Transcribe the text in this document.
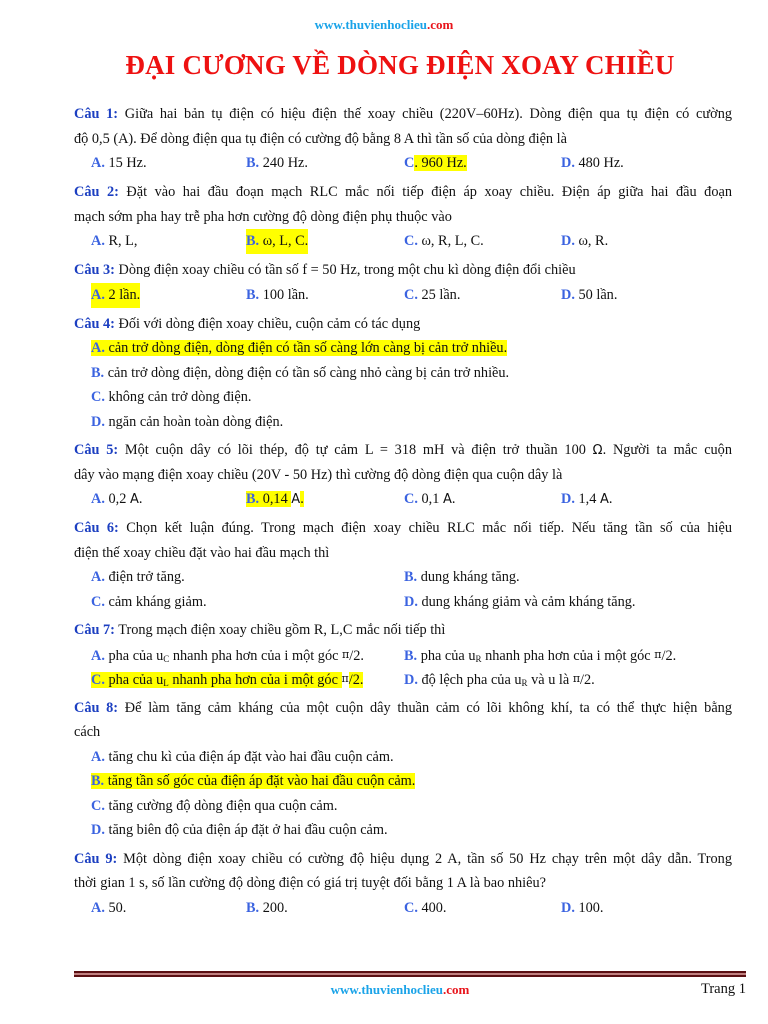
www.thuvienhoclieu.com
ĐẠI CƯƠNG VỀ DÒNG ĐIỆN XOAY CHIỀU
Câu 1: Giữa hai bản tụ điện có hiệu điện thế xoay chiều (220V–60Hz). Dòng điện qua tụ điện có cường
độ 0,5 (A). Để dòng điện qua tụ điện có cường độ bằng 8 A thì tần số của dòng điện là
A. 15 Hz.	B. 240 Hz.	C. 960 Hz.	D. 480 Hz.
Câu 2: Đặt vào hai đầu đoạn mạch RLC mắc nối tiếp điện áp xoay chiều. Điện áp giữa hai đầu đoạn
mạch sớm pha hay trễ pha hơn cường độ dòng điện phụ thuộc vào
A. R, L,	B. ω, L, C.	C. ω, R, L, C.	D. ω, R.
Câu 3: Dòng điện xoay chiều có tần số f = 50 Hz, trong một chu kì dòng điện đổi chiều
A. 2 lần.	B. 100 lần.	C. 25 lần.	D. 50 lần.
Câu 4: Đối với dòng điện xoay chiều, cuộn cảm có tác dụng
A. cản trở dòng điện, dòng điện có tần số càng lớn càng bị cản trở nhiều.
B. cản trở dòng điện, dòng điện có tần số càng nhỏ càng bị cản trở nhiều.
C. không cản trở dòng điện.
D. ngăn cản hoàn toàn dòng điện.
Câu 5: Một cuộn dây có lõi thép, độ tự cảm L = 318 mH và điện trở thuần 100 Ω. Người ta mắc cuộn
dây vào mạng điện xoay chiều (20V - 50 Hz) thì cường độ dòng điện qua cuộn dây là
A. 0,2 A.	B. 0,14 A.	C. 0,1 A.	D. 1,4 A.
Câu 6: Chọn kết luận đúng. Trong mạch điện xoay chiều RLC mắc nối tiếp. Nếu tăng tần số của hiệu
điện thế xoay chiều đặt vào hai đầu mạch thì
A. điện trở tăng.	B. dung kháng tăng.
C. cảm kháng giảm.	D. dung kháng giảm và cảm kháng tăng.
Câu 7: Trong mạch điện xoay chiều gồm R, L,C mắc nối tiếp thì
A. pha của $u_C$ nhanh pha hơn của i một góc π/2.	B. pha của $u_R$ nhanh pha hơn của i một góc π/2.
C. pha của $u_L$ nhanh pha hơn của i một góc π/2.	D. độ lệch pha của $u_R$ và u là π/2.
Câu 8: Để làm tăng cảm kháng của một cuộn dây thuần cảm có lõi không khí, ta có thể thực hiện bằng
cách
A. tăng chu kì của điện áp đặt vào hai đầu cuộn cảm.
B. tăng tần số góc của điện áp đặt vào hai đầu cuộn cảm.
C. tăng cường độ dòng điện qua cuộn cảm.
D. tăng biên độ của điện áp đặt ở hai đầu cuộn cảm.
Câu 9: Một dòng điện xoay chiều có cường độ hiệu dụng 2 A, tần số 50 Hz chạy trên một dây dẫn. Trong
thời gian 1 s, số lần cường độ dòng điện có giá trị tuyệt đối bằng 1 A là bao nhiêu?
A. 50.	B. 200.	C. 400.	D. 100.
www.thuvienhoclieu.com	Trang 1
